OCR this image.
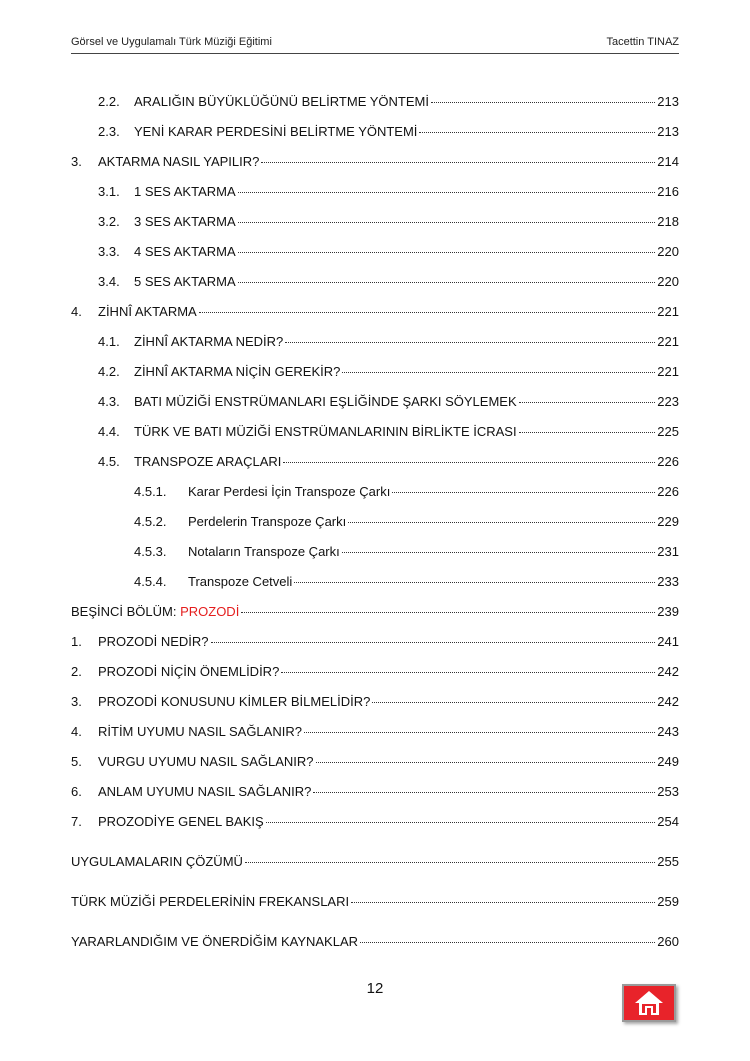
Görsel ve Uygulamalı Türk Müziği Eğitimi	Tacettin TINAZ
2.2.	ARALIĞIN BÜYÜKLÜĞÜNÜ BELİRTME YÖNTEMİ	213
2.3.	YENİ KARAR PERDESİNİ BELİRTME YÖNTEMİ	213
3.	AKTARMA NASIL YAPILIR?	214
3.1.	1 SES AKTARMA	216
3.2.	3 SES AKTARMA	218
3.3.	4 SES AKTARMA	220
3.4.	5 SES AKTARMA	220
4.	ZİHNÎ AKTARMA	221
4.1.	ZİHNÎ AKTARMA NEDİR?	221
4.2.	ZİHNÎ AKTARMA NİÇİN GEREKİR?	221
4.3.	BATI MÜZİĞİ ENSTRÜMANLARI EŞLİĞİNDE ŞARKI SÖYLEMEK	223
4.4.	TÜRK VE BATI MÜZİĞİ ENSTRÜMANLARININ BİRLİKTE İCRASI	225
4.5.	TRANSPOZE ARAÇLARI	226
4.5.1.	Karar Perdesi İçin Transpoze Çarkı	226
4.5.2.	Perdelerin Transpoze Çarkı	229
4.5.3.	Notaların Transpoze Çarkı	231
4.5.4.	Transpoze Cetveli	233
BEŞİNCİ BÖLÜM: PROZODİ	239
1.	PROZODİ NEDİR?	241
2.	PROZODİ NİÇİN ÖNEMLİDİR?	242
3.	PROZODİ KONUSUNU KİMLER BİLMELİDİR?	242
4.	RİTİM UYUMU NASIL SAĞLANIR?	243
5.	VURGU UYUMU NASIL SAĞLANIR?	249
6.	ANLAM UYUMU NASIL SAĞLANIR?	253
7.	PROZODİYE GENEL BAKIŞ	254
UYGULAMALARIN ÇÖZÜMÜ	255
TÜRK MÜZİĞİ PERDELERİNİN FREKANSLARI	259
YARARLANDIĞIM VE ÖNERDİĞİM KAYNAKLAR	260
12
